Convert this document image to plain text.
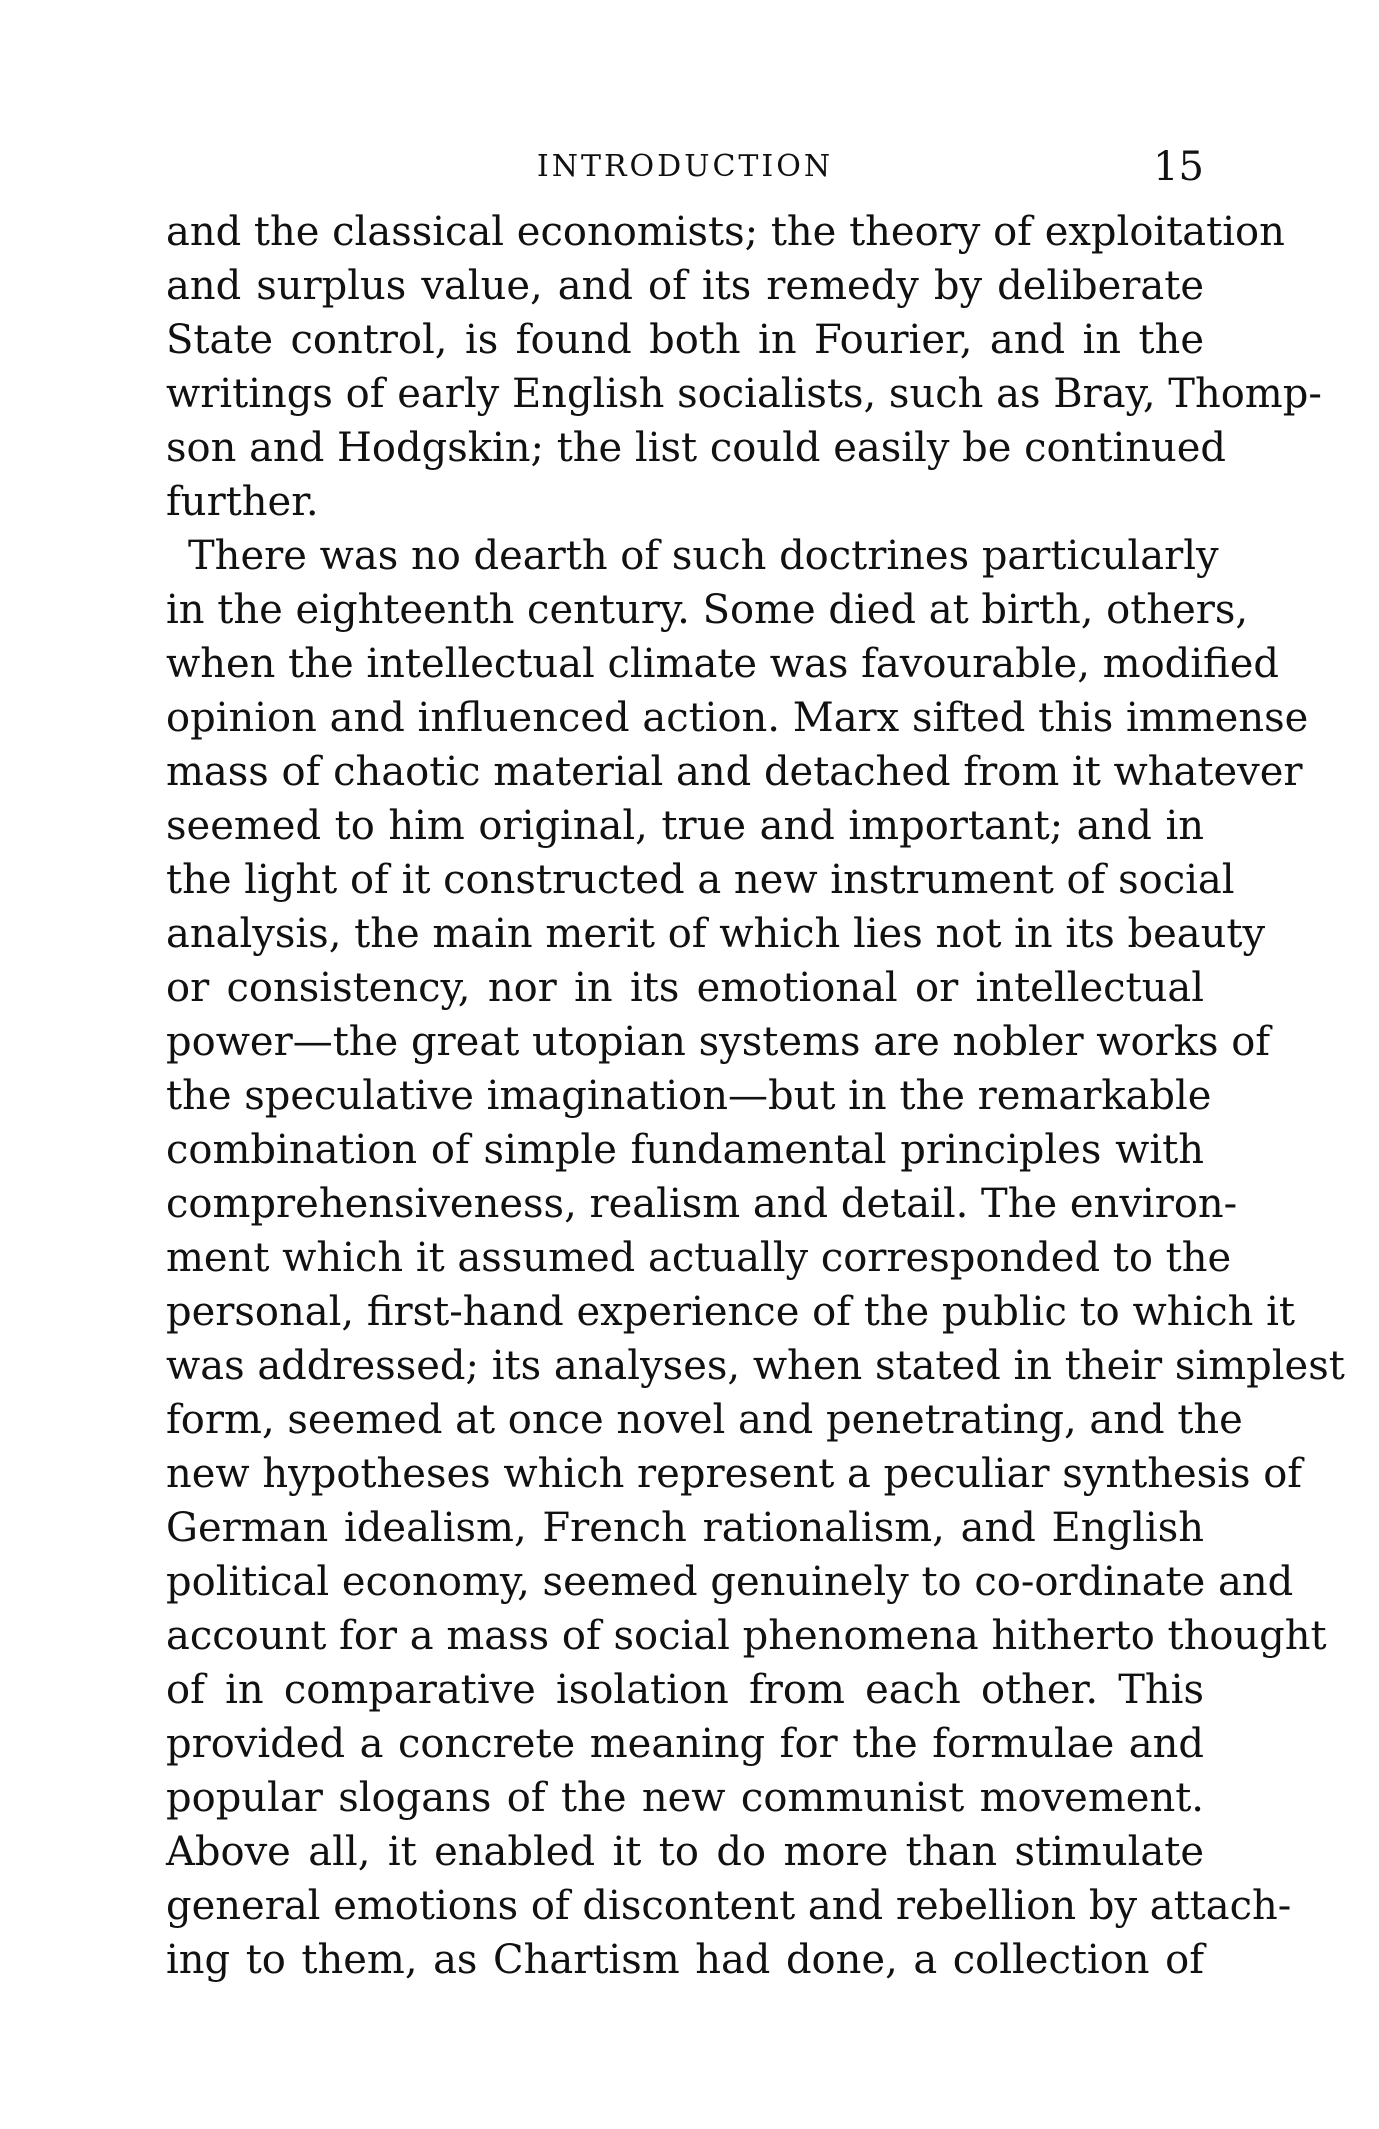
INTRODUCTION	15
and the classical economists; the theory of exploitation
and surplus value, and of its remedy by deliberate
State control, is found both in Fourier, and in the
writings of early English socialists, such as Bray, Thomp-
son and Hodgskin; the list could easily be continued
further.
There was no dearth of such doctrines particularly
in the eighteenth century. Some died at birth, others,
when the intellectual climate was favourable, modified
opinion and influenced action. Marx sifted this immense
mass of chaotic material and detached from it whatever
seemed to him original, true and important; and in
the light of it constructed a new instrument of social
analysis, the main merit of which lies not in its beauty
or consistency, nor in its emotional or intellectual
power—the great utopian systems are nobler works of
the speculative imagination—but in the remarkable
combination of simple fundamental principles with
comprehensiveness, realism and detail. The environ-
ment which it assumed actually corresponded to the
personal, first-hand experience of the public to which it
was addressed; its analyses, when stated in their simplest
form, seemed at once novel and penetrating, and the
new hypotheses which represent a peculiar synthesis of
German idealism, French rationalism, and English
political economy, seemed genuinely to co-ordinate and
account for a mass of social phenomena hitherto thought
of in comparative isolation from each other. This
provided a concrete meaning for the formulae and
popular slogans of the new communist movement.
Above all, it enabled it to do more than stimulate
general emotions of discontent and rebellion by attach-
ing to them, as Chartism had done, a collection of
